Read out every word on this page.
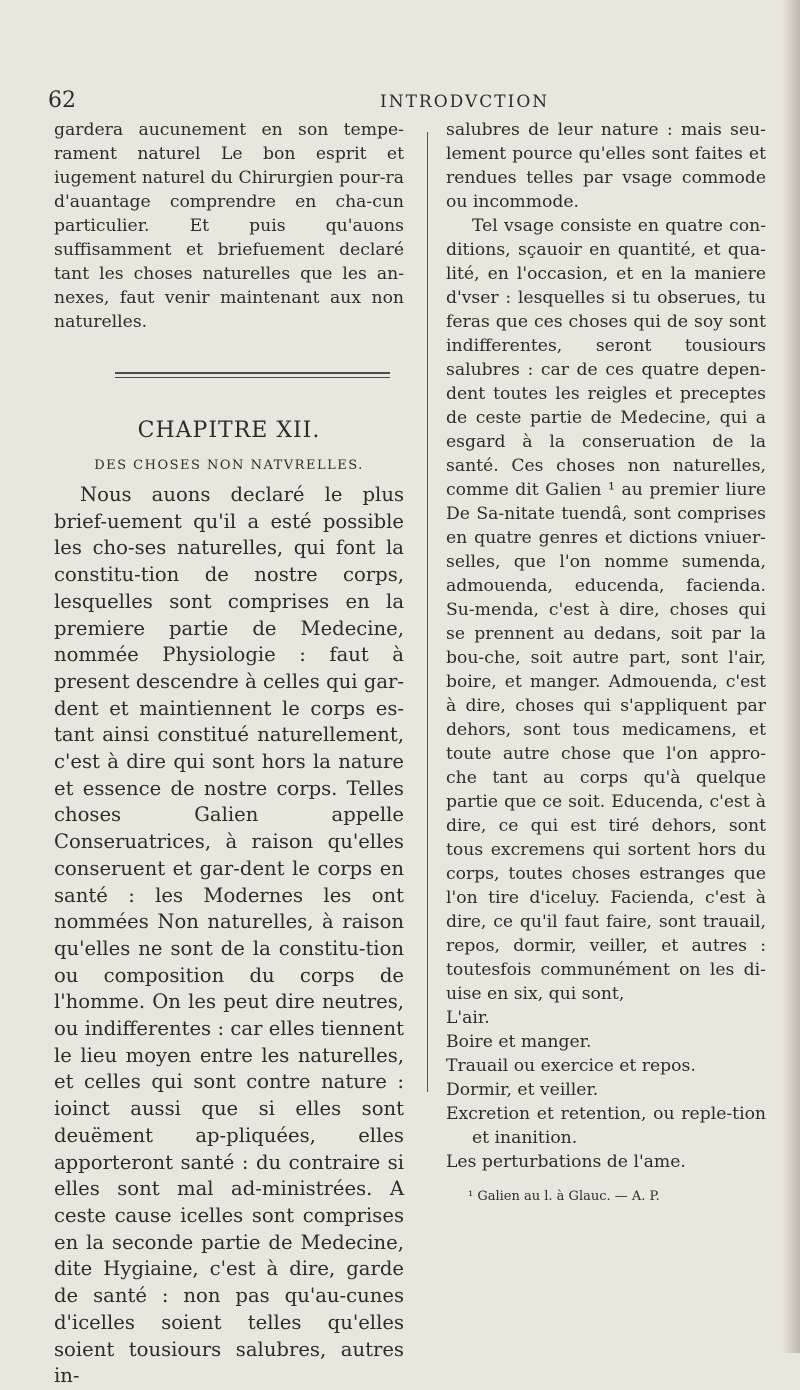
62	INTRODVCTION

gardera aucunement en son tempe-rament naturel Le bon esprit et iugement naturel du Chirurgien pour-ra d'auantage comprendre en cha-cun particulier. Et puis qu'auons suffisamment et briefuement declaré tant les choses naturelles que les an-nexes, faut venir maintenant aux non naturelles.

CHAPITRE XII.
DES CHOSES NON NATVRELLES.

Nous auons declaré le plus brief-uement qu'il a esté possible les cho-ses naturelles, qui font la constitu-tion de nostre corps, lesquelles sont comprises en la premiere partie de Medecine, nommée Physiologie : faut à present descendre à celles qui gar-dent et maintiennent le corps es-tant ainsi constitué naturellement, c'est à dire qui sont hors la nature et essence de nostre corps. Telles choses Galien appelle Conseruatrices, à raison qu'elles conseruent et gar-dent le corps en santé : les Modernes les ont nommées Non naturelles, à raison qu'elles ne sont de la constitu-tion ou composition du corps de l'homme. On les peut dire neutres, ou indifferentes : car elles tiennent le lieu moyen entre les naturelles, et celles qui sont contre nature : ioinct aussi que si elles sont deuëment ap-pliquées, elles apporteront santé : du contraire si elles sont mal ad-ministrées. A ceste cause icelles sont comprises en la seconde partie de Medecine, dite Hygiaine, c'est à dire, garde de santé : non pas qu'au-cunes d'icelles soient telles qu'elles soient tousiours salubres, autres in-

salubres de leur nature : mais seu-lement pource qu'elles sont faites et rendues telles par vsage commode ou incommode.

Tel vsage consiste en quatre con-ditions, sçauoir en quantité, et qua-lité, en l'occasion, et en la maniere d'vser : lesquelles si tu obserues, tu feras que ces choses qui de soy sont indifferentes, seront tousiours salubres : car de ces quatre depen-dent toutes les reigles et preceptes de ceste partie de Medecine, qui a esgard à la conseruation de la santé. Ces choses non naturelles, comme dit Galien ¹ au premier liure De Sa-nitate tuendâ, sont comprises en quatre genres et dictions vniuer-selles, que l'on nomme sumenda, admouenda, educenda, facienda. Su-menda, c'est à dire, choses qui se prennent au dedans, soit par la bou-che, soit autre part, sont l'air, boire, et manger. Admouenda, c'est à dire, choses qui s'appliquent par dehors, sont tous medicamens, et toute autre chose que l'on appro-che tant au corps qu'à quelque partie que ce soit. Educenda, c'est à dire, ce qui est tiré dehors, sont tous excremens qui sortent hors du corps, toutes choses estranges que l'on tire d'iceluy. Facienda, c'est à dire, ce qu'il faut faire, sont trauail, repos, dormir, veiller, et autres : toutesfois communément on les di-uise en six, qui sont,

L'air.
Boire et manger.
Trauail ou exercice et repos.
Dormir, et veiller.
Excretion et retention, ou reple-tion et inanition.
Les perturbations de l'ame.
¹ Galien au l. à Glauc. — A. P.
